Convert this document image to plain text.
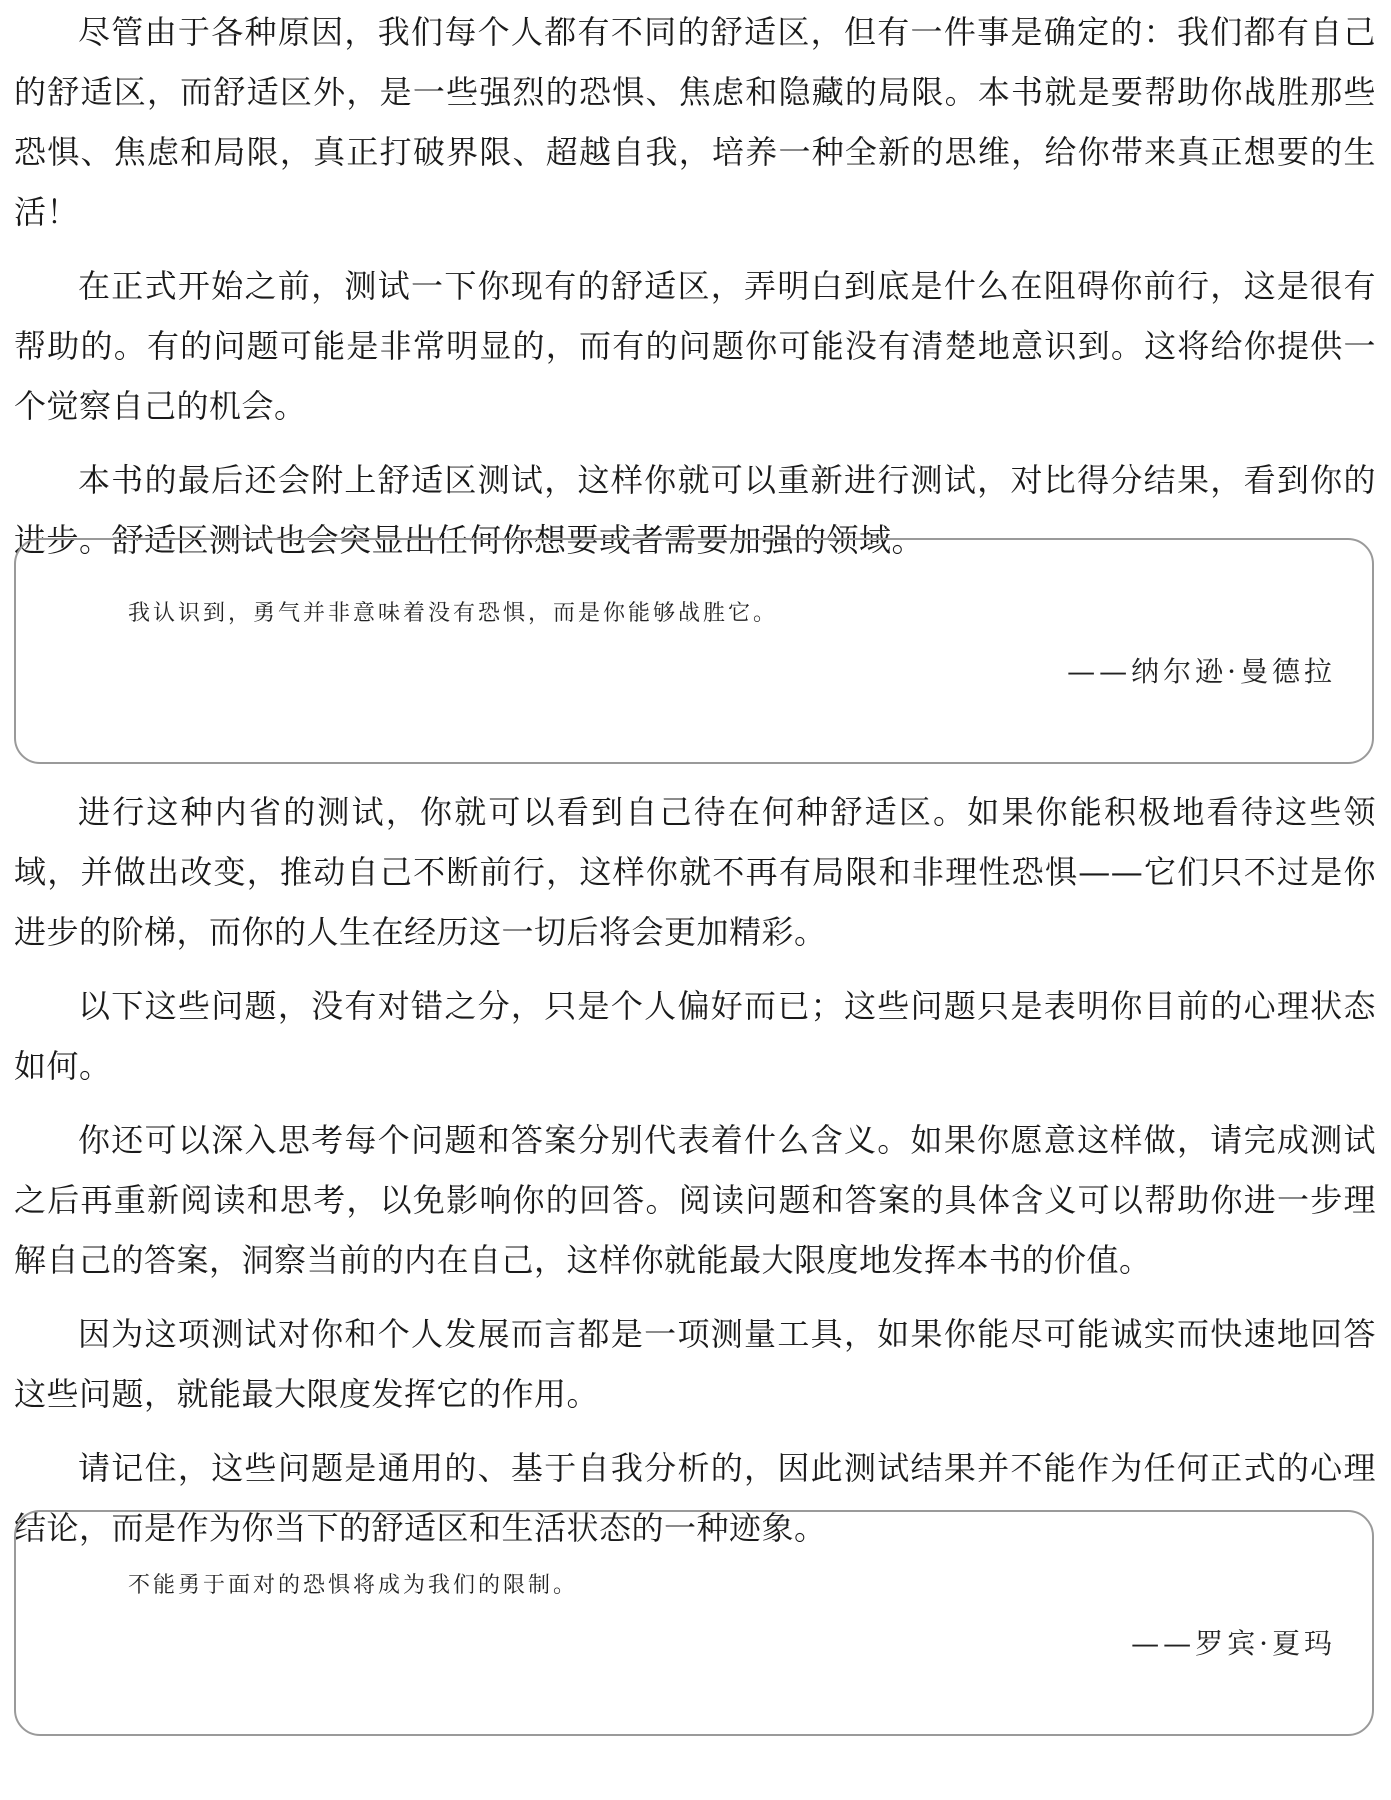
尽管由于各种原因，我们每个人都有不同的舒适区，但有一件事是确定的：我们都有自己的舒适区，而舒适区外，是一些强烈的恐惧、焦虑和隐藏的局限。本书就是要帮助你战胜那些恐惧、焦虑和局限，真正打破界限、超越自我，培养一种全新的思维，给你带来真正想要的生活！

在正式开始之前，测试一下你现有的舒适区，弄明白到底是什么在阻碍你前行，这是很有帮助的。有的问题可能是非常明显的，而有的问题你可能没有清楚地意识到。这将给你提供一个觉察自己的机会。

本书的最后还会附上舒适区测试，这样你就可以重新进行测试，对比得分结果，看到你的进步。舒适区测试也会突显出任何你想要或者需要加强的领域。

我认识到，勇气并非意味着没有恐惧，而是你能够战胜它。
——纳尔逊·曼德拉

进行这种内省的测试，你就可以看到自己待在何种舒适区。如果你能积极地看待这些领域，并做出改变，推动自己不断前行，这样你就不再有局限和非理性恐惧——它们只不过是你进步的阶梯，而你的人生在经历这一切后将会更加精彩。

以下这些问题，没有对错之分，只是个人偏好而已；这些问题只是表明你目前的心理状态如何。

你还可以深入思考每个问题和答案分别代表着什么含义。如果你愿意这样做，请完成测试之后再重新阅读和思考，以免影响你的回答。阅读问题和答案的具体含义可以帮助你进一步理解自己的答案，洞察当前的内在自己，这样你就能最大限度地发挥本书的价值。

因为这项测试对你和个人发展而言都是一项测量工具，如果你能尽可能诚实而快速地回答这些问题，就能最大限度发挥它的作用。

请记住，这些问题是通用的、基于自我分析的，因此测试结果并不能作为任何正式的心理结论，而是作为你当下的舒适区和生活状态的一种迹象。

不能勇于面对的恐惧将成为我们的限制。
——罗宾·夏玛
